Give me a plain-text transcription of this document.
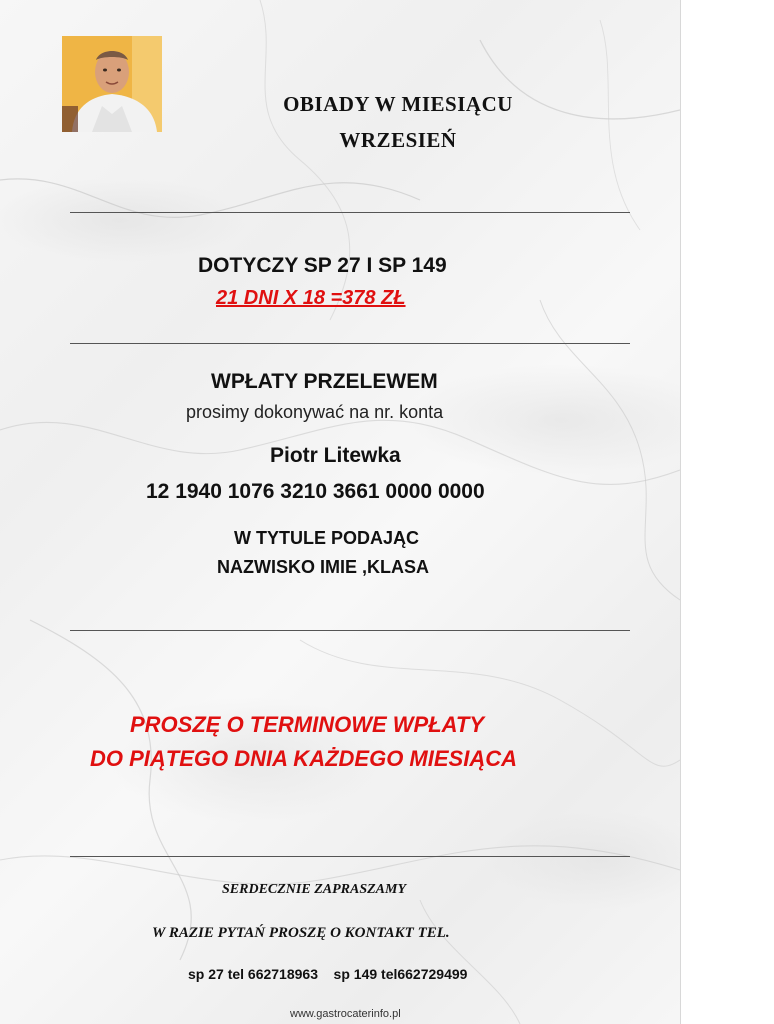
OBIADY W MIESIĄCU

WRZESIEŃ

DOTYCZY SP 27 I SP 149

21 DNI X 18 =378 ZŁ

WPŁATY PRZELEWEM

prosimy dokonywać na nr. konta

Piotr Litewka

12 1940 1076 3210 3661 0000 0000

W TYTULE PODAJĄC

NAZWISKO IMIE ,KLASA

PROSZĘ O TERMINOWE WPŁATY

DO PIĄTEGO DNIA KAŻDEGO MIESIĄCA

SERDECZNIE ZAPRASZAMY

W RAZIE PYTAŃ PROSZĘ O KONTAKT TEL.

sp 27 tel 662718963    sp 149 tel662729499

www.gastrocaterinfo.pl
